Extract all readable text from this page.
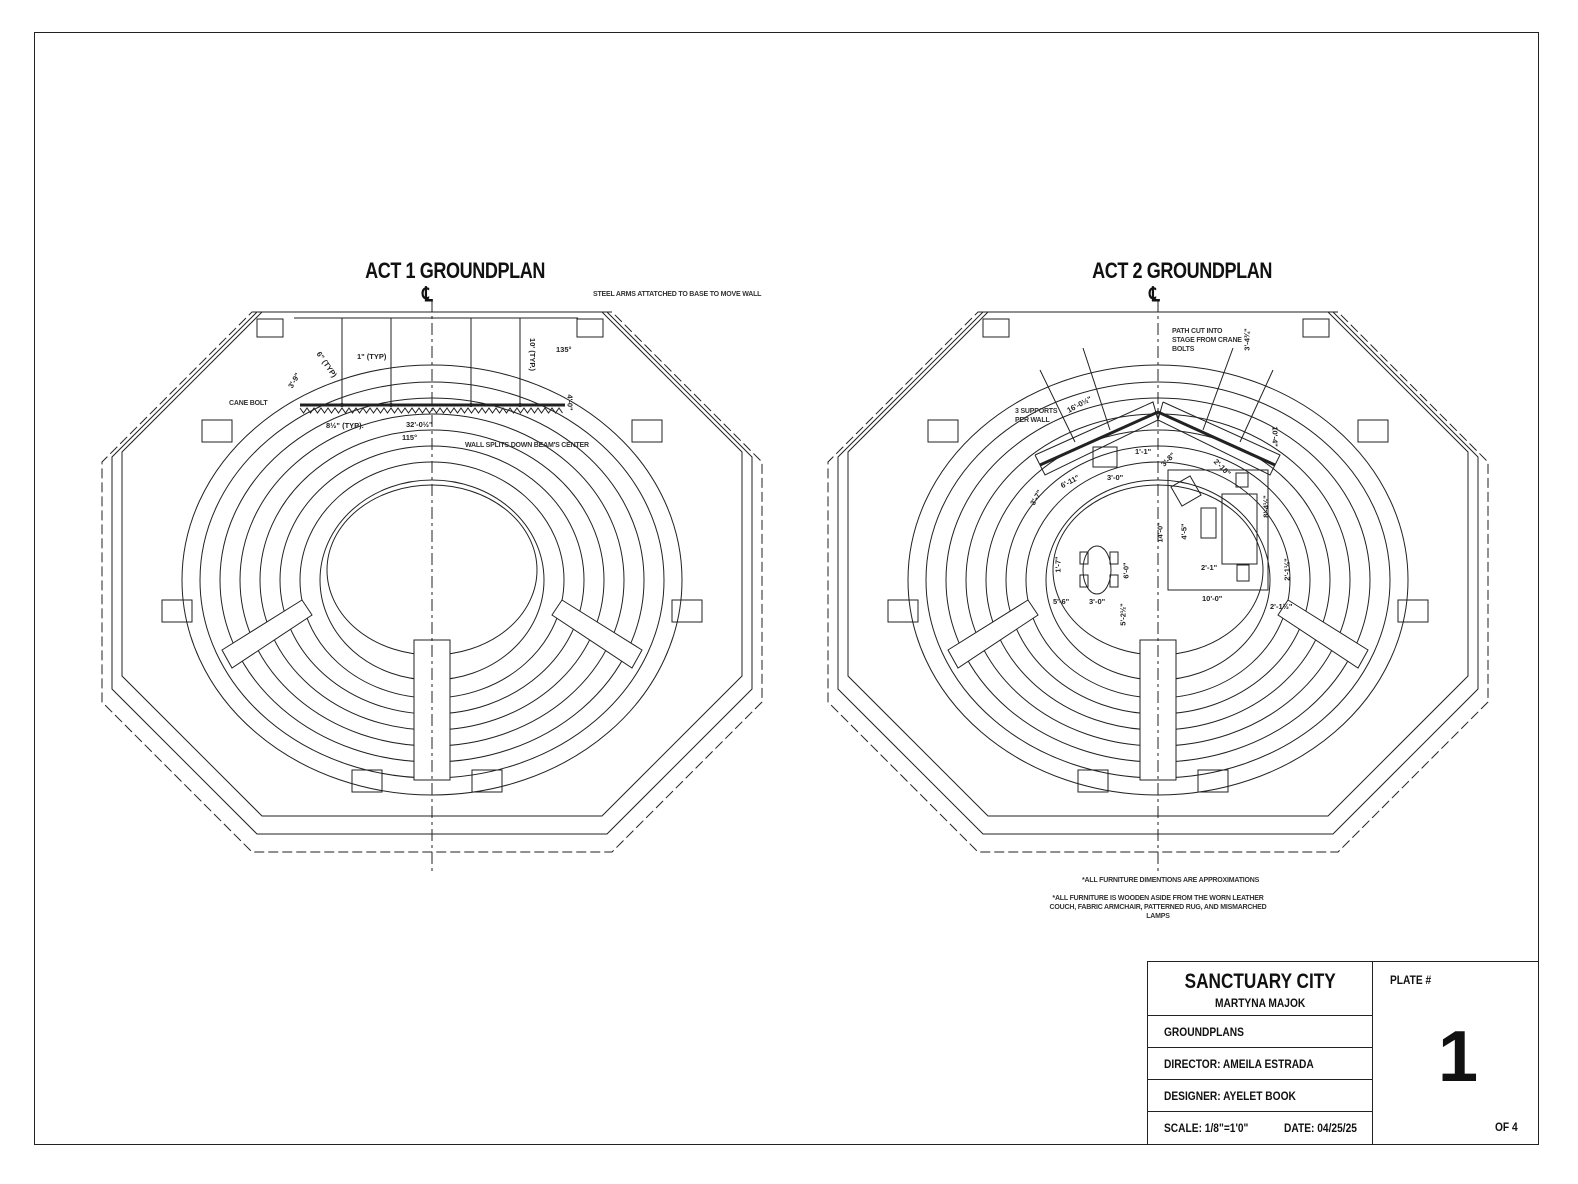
ACT 1 GROUNDPLAN
℄	STEEL ARMS ATTATCHED TO BASE TO MOVE WALL
CANE BOLT
WALL SPLITS DOWN BEAM'S CENTER
1" (TYP)
6" (TYP)
3'-9"
10' (TYP.)	135°
4'-0"
8½" (TYP).	32'-0½"
115°
ACT 2 GROUNDPLAN
℄
PATH CUT INTO STAGE FROM CRANE BOLTS
3 SUPPORTS PER WALL
*ALL FURNITURE DIMENTIONS ARE APPROXIMATIONS
*ALL FURNITURE IS WOODEN ASIDE FROM THE WORN LEATHER COUCH, FABRIC ARMCHAIR, PATTERNED RUG, AND MISMARCHED LAMPS
3'-4¾"
16'-0½"
10'-4"
6'-11"	3'-0"
1'-1"
3'-7"
3'-8"	2'-10"
14'-0"
8'-4½"
4'-5"
2'-1"
1'-7"	6'-0"
5'-6"	3'-0"
5'-2½"
10'-0"
2'-1½"
2'-1½"
SANCTUARY CITY
MARTYNA MAJOK
GROUNDPLANS
DIRECTOR: AMEILA ESTRADA
DESIGNER: AYELET BOOK
SCALE: 1/8"=1'0"	DATE: 04/25/25
PLATE #
1
OF 4
